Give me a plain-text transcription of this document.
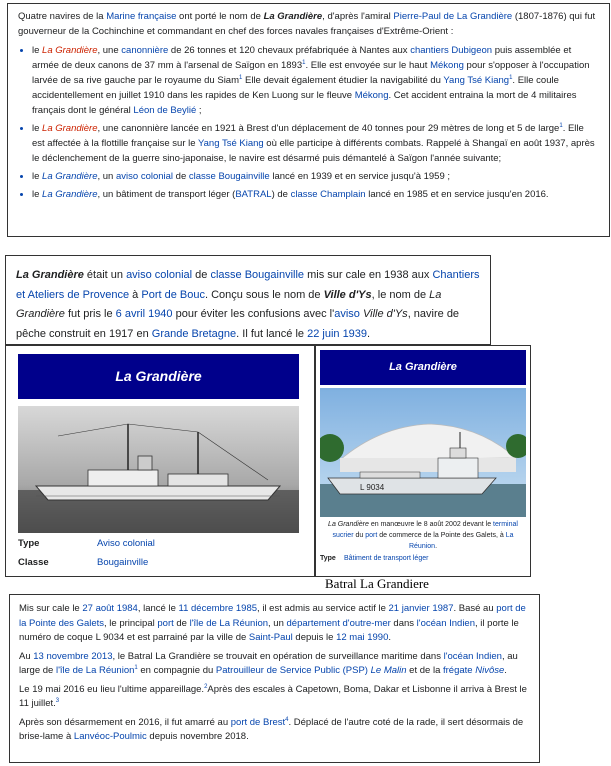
Quatre navires de la Marine française ont porté le nom de La Grandière, d'après l'amiral Pierre-Paul de La Grandière (1807-1876) qui fut gouverneur de la Cochinchine et commandant en chef des forces navales françaises d'Extrême-Orient :

• le La Grandière, une canonnière de 26 tonnes et 120 chevaux préfabriquée à Nantes aux chantiers Dubigeon puis assemblée et armée de deux canons de 37 mm à l'arsenal de Saïgon en 1893$^1$. Elle est envoyée sur le haut Mékong pour s'opposer à l'occupation larvée de sa rive gauche par le royaume du Siam$^1$ Elle devait également étudier la navigabilité du Yang Tsé Kiang$^1$. Elle coule accidentellement en juillet 1910 dans les rapides de Ken Luong sur le fleuve Mékong. Cet accident entraina la mort de 4 militaires français dont le général Léon de Beylié ;
• le La Grandière, une canonnière lancée en 1921 à Brest d'un déplacement de 40 tonnes pour 29 mètres de long et 5 de large$^1$. Elle est affectée à la flottille française sur le Yang Tsé Kiang où elle participe à différents combats. Rappelé à Shangaï en août 1937, après le déclenchement de la guerre sino-japonaise, le navire est désarmé puis démantelé à Saïgon l'année suivante;
• le La Grandière, un aviso colonial de classe Bougainville lancé en 1939 et en service jusqu'à 1959 ;
• le La Grandière, un bâtiment de transport léger (BATRAL) de classe Champlain lancé en 1985 et en service jusqu'en 2016.

La Grandière était un aviso colonial de classe Bougainville mis sur cale en 1938 aux Chantiers et Ateliers de Provence à Port de Bouc. Conçu sous le nom de Ville d'Ys, le nom de La Grandière fut pris le 6 avril 1940 pour éviter les confusions avec l'aviso Ville d'Ys, navire de pêche construit en 1917 en Grande Bretagne. Il fut lancé le 22 juin 1939.

La Grandière
Type	Aviso colonial
Classe	Bougainville
La Grandière
L 9034
La Grandière en manœuvre le 8 août 2002 devant le terminal sucrier du port de commerce de la Pointe des Galets, à La Réunion.
Type	Bâtiment de transport léger
Batral La Grandiere

Mis sur cale le 27 août 1984, lancé le 11 décembre 1985, il est admis au service actif le 21 janvier 1987. Basé au port de la Pointe des Galets, le principal port de l'île de La Réunion, un département d'outre-mer dans l'océan Indien, il porte le numéro de coque L 9034 et est parrainé par la ville de Saint-Paul depuis le 12 mai 1990.

Au 13 novembre 2013, le Batral La Grandière se trouvait en opération de surveillance maritime dans l'océan Indien, au large de l'île de La Réunion$^1$ en compagnie du Patrouilleur de Service Public (PSP) Le Malin et de la frégate Nivôse.

Le 19 mai 2016 eu lieu l'ultime appareillage.$^2$Après des escales à Capetown, Boma, Dakar et Lisbonne il arriva à Brest le 11 juillet.$^3$

Après son désarmement en 2016, il fut amarré au port de Brest$^4$. Déplacé de l'autre coté de la rade, il sert désormais de brise-lame à Lanvéoc-Poulmic depuis novembre 2018.
